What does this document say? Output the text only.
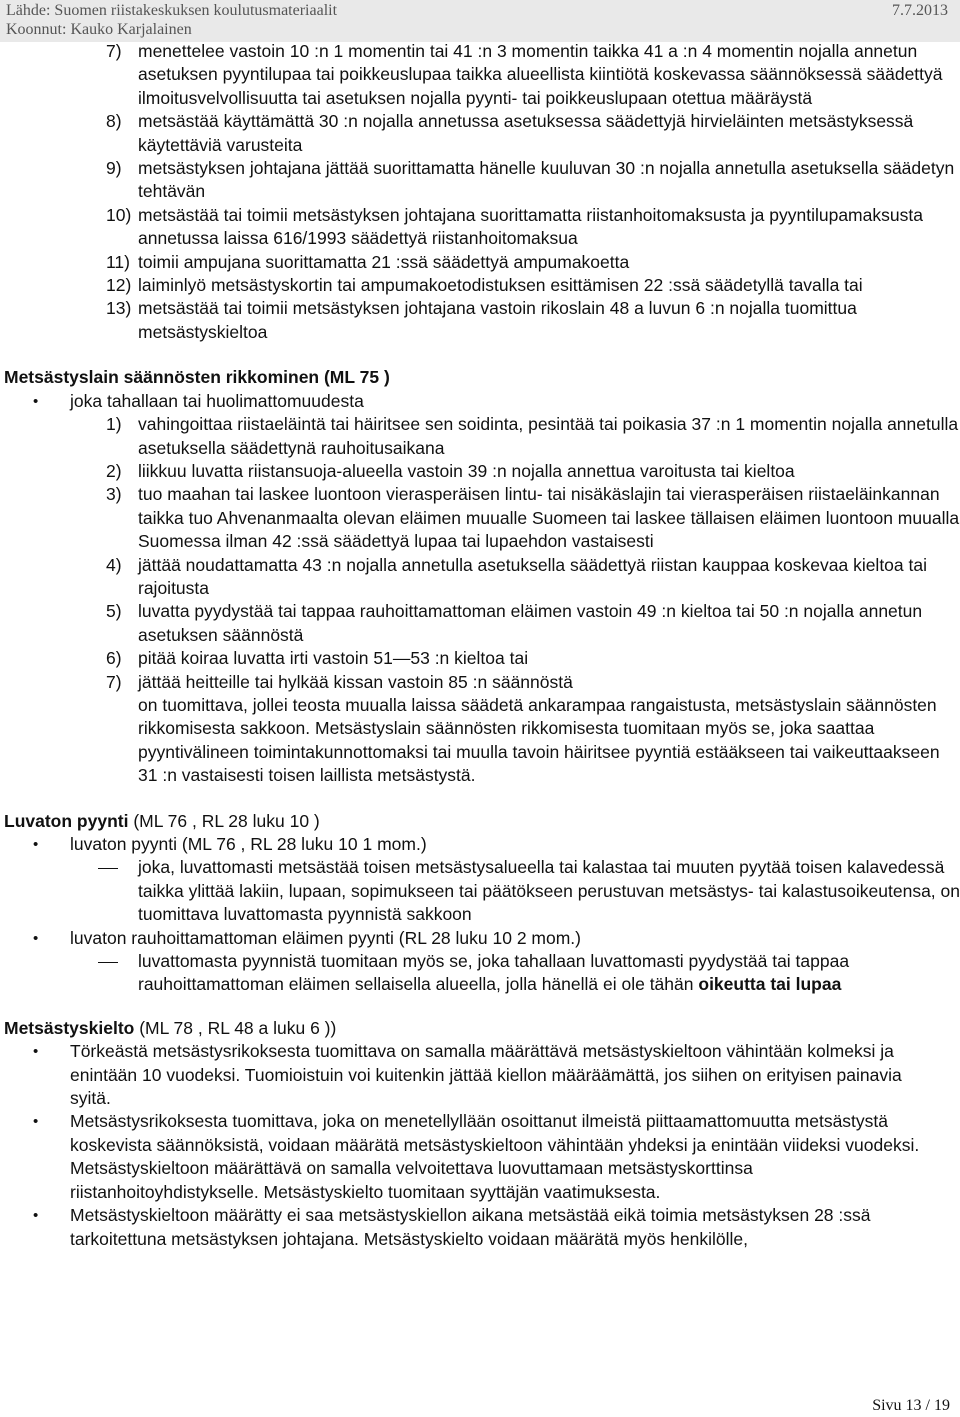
Lähde: Suomen riistakeskuksen koulutusmateriaalit
Koonnut: Kauko Karjalainen
7.7.2013
7) menettelee vastoin 10 :n 1 momentin tai 41 :n 3 momentin taikka 41 a :n 4 momentin nojalla annetun asetuksen pyyntilupaa tai poikkeuslupaa taikka alueellista kiintiötä koskevassa säännöksessä säädettyä ilmoitusvelvollisuutta tai asetuksen nojalla pyynti- tai poikkeuslupaan otettua määräystä
8) metsästää käyttämättä 30 :n nojalla annetussa asetuksessa säädettyjä hirvieläinten metsästyksessä käytettäviä varusteita
9) metsästyksen johtajana jättää suorittamatta hänelle kuuluvan 30 :n nojalla annetulla asetuksella säädetyn tehtävän
10) metsästää tai toimii metsästyksen johtajana suorittamatta riistanhoitomaksusta ja pyyntilupamaksusta annetussa laissa 616/1993 säädettyä riistanhoitomaksua
11) toimii ampujana suorittamatta 21 :ssä säädettyä ampumakoetta
12) laiminlyö metsästyskortin tai ampumakoetodistuksen esittämisen 22 :ssä säädetyllä tavalla tai
13) metsästää tai toimii metsästyksen johtajana vastoin rikoslain 48 a luvun 6 :n nojalla tuomittua metsästyskieltoa
Metsästyslain säännösten rikkominen (ML 75 )
•	joka tahallaan tai huolimattomuudesta
1) vahingoittaa riistaeläintä tai häiritsee sen soidinta, pesintää tai poikasia 37 :n 1 momentin nojalla annetulla asetuksella säädettynä rauhoitusaikana
2) liikkuu luvatta riistansuoja-alueella vastoin 39 :n nojalla annettua varoitusta tai kieltoa
3) tuo maahan tai laskee luontoon vierasperäisen lintu- tai nisäkäslajin tai vierasperäisen riistaeläinkannan taikka tuo Ahvenanmaalta olevan eläimen muualle Suomeen tai laskee tällaisen eläimen luontoon muualla Suomessa ilman 42 :ssä säädettyä lupaa tai lupaehdon vastaisesti
4) jättää noudattamatta 43 :n nojalla annetulla asetuksella säädettyä riistan kauppaa koskevaa kieltoa tai rajoitusta
5) luvatta pyydystää tai tappaa rauhoittamattoman eläimen vastoin 49 :n kieltoa tai 50 :n nojalla annetun asetuksen säännöstä
6) pitää koiraa luvatta irti vastoin 51—53 :n kieltoa tai
7) jättää heitteille tai hylkää kissan vastoin 85 :n säännöstä
on tuomittava, jollei teosta muualla laissa säädetä ankarampaa rangaistusta, metsästyslain säännösten rikkomisesta sakkoon. Metsästyslain säännösten rikkomisesta tuomitaan myös se, joka saattaa pyyntivälineen toimintakunnottomaksi tai muulla tavoin häiritsee pyyntiä estääkseen tai vaikeuttaakseen 31 :n vastaisesti toisen laillista metsästystä.
Luvaton pyynti (ML 76 , RL 28 luku 10 )
•	luvaton pyynti (ML 76 , RL 28 luku 10 1 mom.)
joka, luvattomasti metsästää toisen metsästysalueella tai kalastaa tai muuten pyytää toisen kalavedessä taikka ylittää lakiin, lupaan, sopimukseen tai päätökseen perustuvan metsästys- tai kalastusoikeutensa, on tuomittava luvattomasta pyynnistä sakkoon
•	luvaton rauhoittamattoman eläimen pyynti (RL 28 luku 10 2 mom.)
luvattomasta pyynnistä tuomitaan myös se, joka tahallaan luvattomasti pyydystää tai tappaa rauhoittamattoman eläimen sellaisella alueella, jolla hänellä ei ole tähän oikeutta tai lupaa
Metsästyskielto (ML 78 , RL 48 a luku 6 ))
•	Törkeästä metsästysrikoksesta tuomittava on samalla määrättävä metsästyskieltoon vähintään kolmeksi ja enintään 10 vuodeksi. Tuomioistuin voi kuitenkin jättää kiellon määräämättä, jos siihen on erityisen painavia syitä.
•	Metsästysrikoksesta tuomittava, joka on menetellyllään osoittanut ilmeistä piittaamattomuutta metsästystä koskevista säännöksistä, voidaan määrätä metsästyskieltoon vähintään yhdeksi ja enintään viideksi vuodeksi. Metsästyskieltoon määrättävä on samalla velvoitettava luovuttamaan metsästyskorttinsa riistanhoitoyhdistykselle. Metsästyskielto tuomitaan syyttäjän vaatimuksesta.
•	Metsästyskieltoon määrätty ei saa metsästyskiellon aikana metsästää eikä toimia metsästyksen 28 :ssä tarkoitettuna metsästyksen johtajana. Metsästyskielto voidaan määrätä myös henkilölle,
Sivu 13 / 19
